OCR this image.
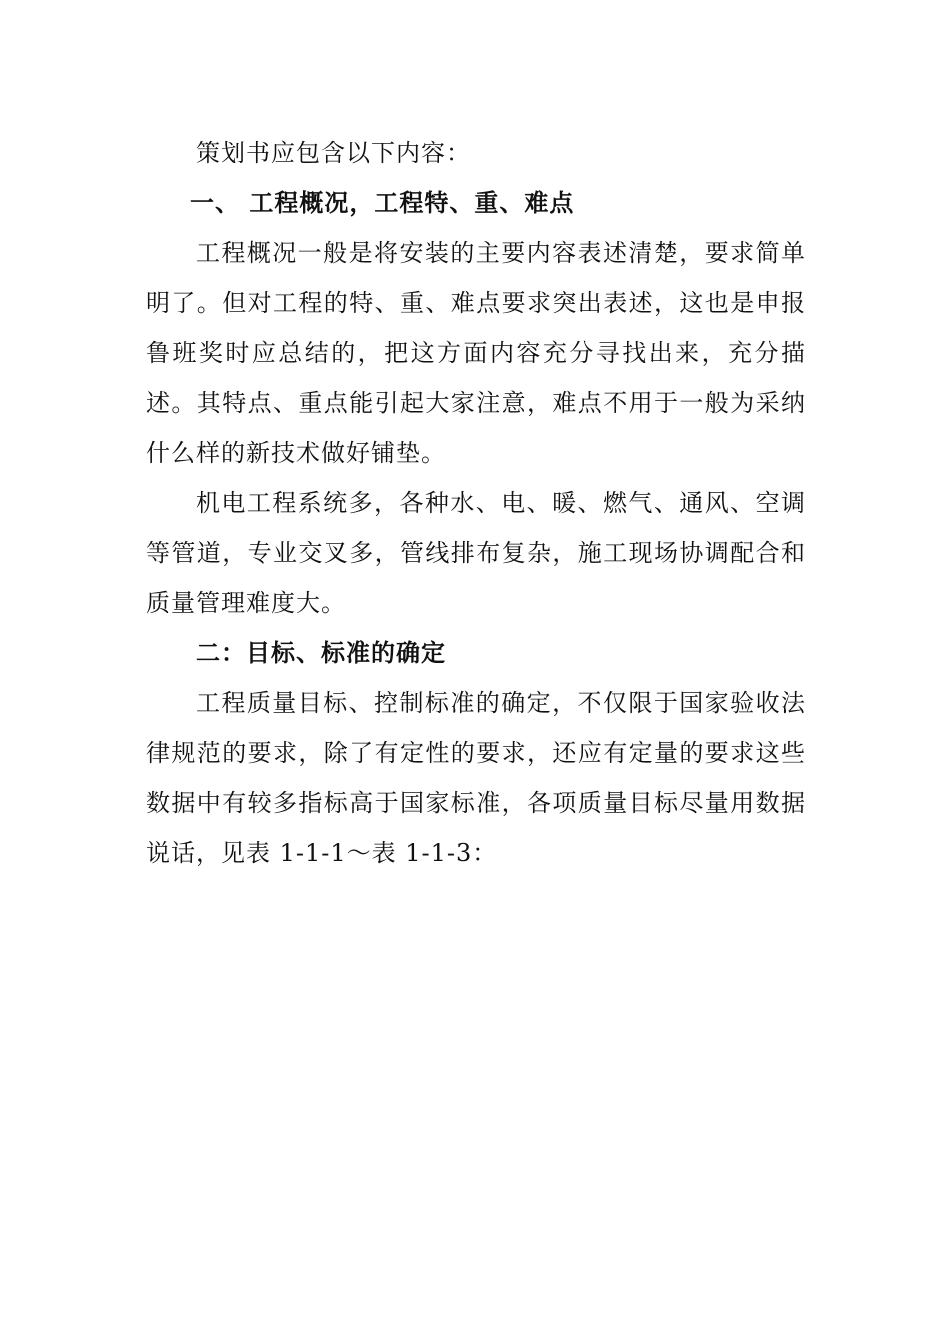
策划书应包含以下内容：

一、 工程概况，工程特、重、难点

工程概况一般是将安装的主要内容表述清楚，要求简单明了。但对工程的特、重、难点要求突出表述，这也是申报鲁班奖时应总结的，把这方面内容充分寻找出来，充分描述。其特点、重点能引起大家注意，难点不用于一般为采纳什么样的新技术做好铺垫。

机电工程系统多，各种水、电、暖、燃气、通风、空调等管道，专业交叉多，管线排布复杂，施工现场协调配合和质量管理难度大。

二：目标、标准的确定

工程质量目标、控制标准的确定，不仅限于国家验收法律规范的要求，除了有定性的要求，还应有定量的要求这些数据中有较多指标高于国家标准，各项质量目标尽量用数据说话，见表 1-1-1～表 1-1-3：
